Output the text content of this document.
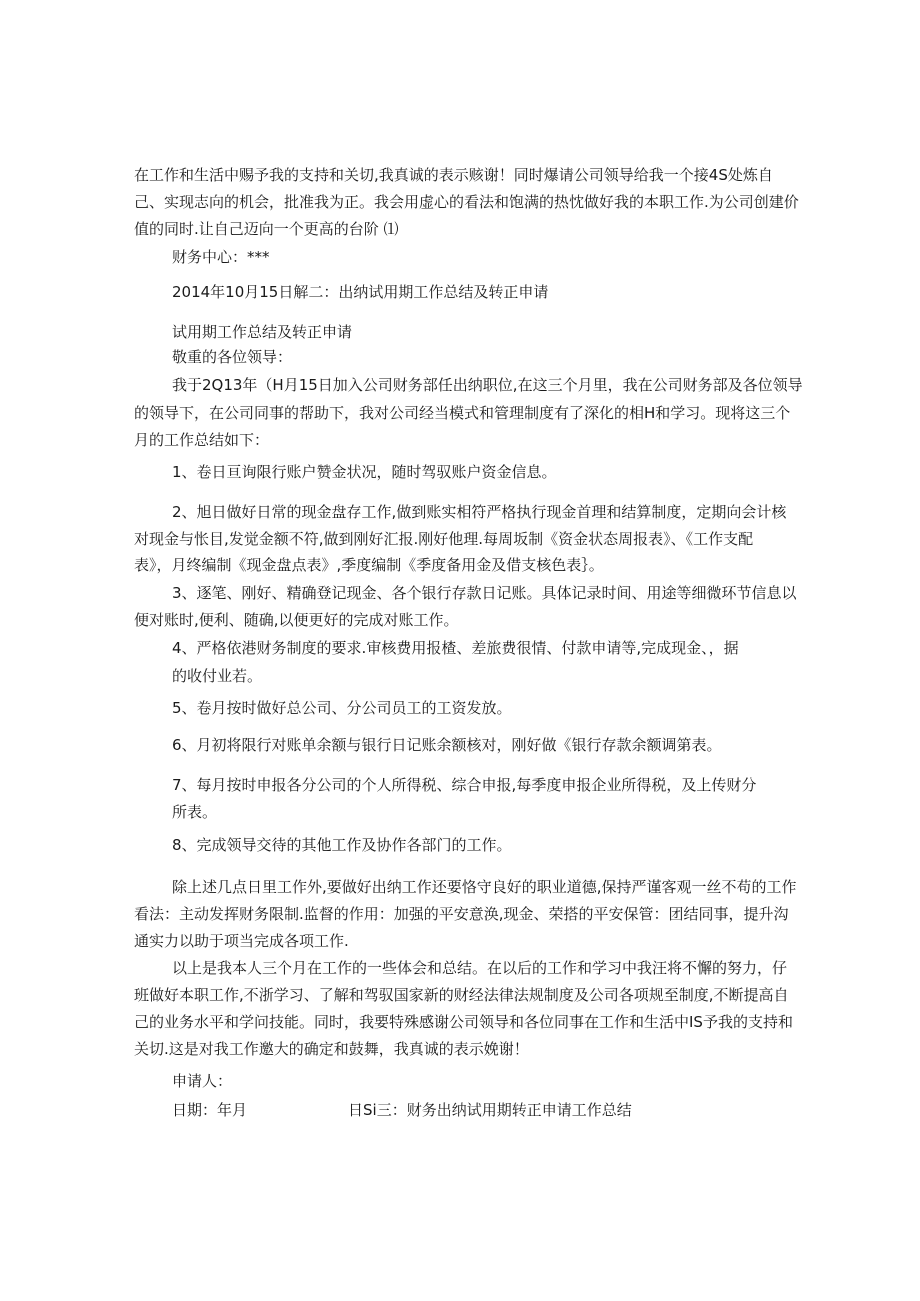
在工作和生活中赐予我的支持和关切,我真诚的表示赅谢！同时爆请公司领导给我一个接4S处炼自

己、实现志向的机会，批准我为正。我会用虚心的看法和饱满的热忱做好我的本职工作.为公司创建价

值的同时.让自己迈向一个更高的台阶 ⑴

财务中心：***

2014年10月15日解二：出纳试用期工作总结及转正申请

试用期工作总结及转正申请

敬重的各位领导：

我于2Q13年（H月15日加入公司财务部任出纳职位,在这三个月里，我在公司财务部及各位领导

的领导下，在公司同事的帮助下，我对公司经当模式和管理制度有了深化的相H和学习。现将这三个

月的工作总结如下：

1、卷日亘询限行账户赞金状况，随时驾驭账户资金信息。

2、旭日做好日常的现金盘存工作,做到账实相符严格执行现金首理和结算制度，定期向会计核

对现金与怅目,发觉金额不符,做到刚好汇报.刚好他理.每周坂制《资金状态周报表》、《工作支配

表》，月终编制《现金盘点表》,季度编制《季度备用金及借支核色表｝。

3、逐笔、刚好、精确登记现金、各个银行存款日记账。具体记录时间、用途等细微环节信息以

便对账时,便利、随确,以便更好的完成对账工作。

4、严格依港财务制度的要求.审核费用报楂、差旅费很情、付款申请等,完成现金、，据

的收付业若。

5、卷月按时做好总公司、分公司员工的工资发放。

6、月初将限行对账单余额与银行日记账余额核对，刚好做《银行存款余额调第表。

7、每月按时申报各分公司的个人所得税、综合申报,每季度申报企业所得税，及上传财分

所表。

8、完成领导交待的其他工作及协作各部门的工作。

除上述几点日里工作外,要做好出纳工作还要恪守良好的职业道德,保持严谨客观一丝不苟的工作

看法：主动发挥财务限制.监督的作用：加强的平安意涣,现金、荣搭的平安保管：团结同事，提升沟

通实力以助于项当完成各项工作.

以上是我本人三个月在工作的一些体会和总结。在以后的工作和学习中我汪将不懈的努力，仔

班做好本职工作,不浙学习、了解和驾驭国家新的财经法律法规制度及公司各项规至制度,不断提高自

己的业务水平和学问技能。同时，我要特殊感谢公司领导和各位同事在工作和生活中IS予我的支持和

关切.这是对我工作邀大的确定和鼓舞，我真诚的表示娩谢！

申请人：

日期：年月	日Si三：财务出纳试用期转正申请工作总结
